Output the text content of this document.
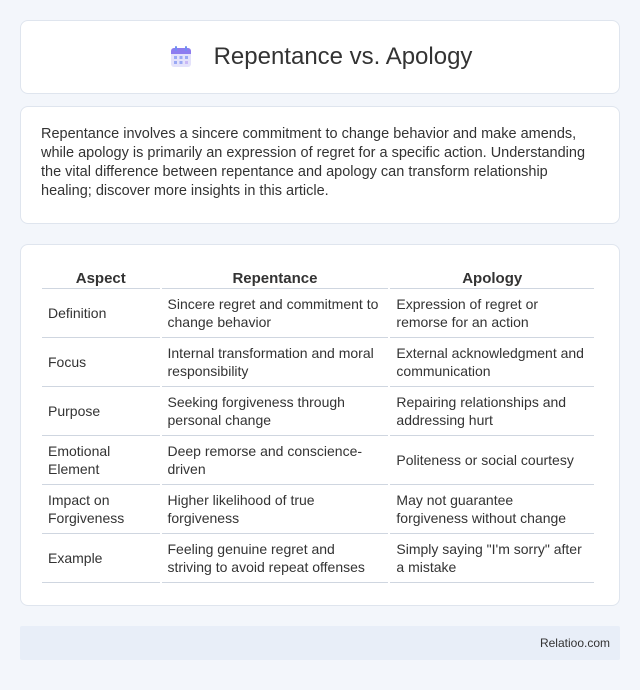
Repentance vs. Apology

Repentance involves a sincere commitment to change behavior and make amends, while apology is primarily an expression of regret for a specific action. Understanding the vital difference between repentance and apology can transform relationship healing; discover more insights in this article.

Aspect	Repentance	Apology
Definition	Sincere regret and commitment to change behavior	Expression of regret or remorse for an action
Focus	Internal transformation and moral responsibility	External acknowledgment and communication
Purpose	Seeking forgiveness through personal change	Repairing relationships and addressing hurt
Emotional Element	Deep remorse and conscience-driven	Politeness or social courtesy
Impact on Forgiveness	Higher likelihood of true forgiveness	May not guarantee forgiveness without change
Example	Feeling genuine regret and striving to avoid repeat offenses	Simply saying "I'm sorry" after a mistake
Relatioo.com
